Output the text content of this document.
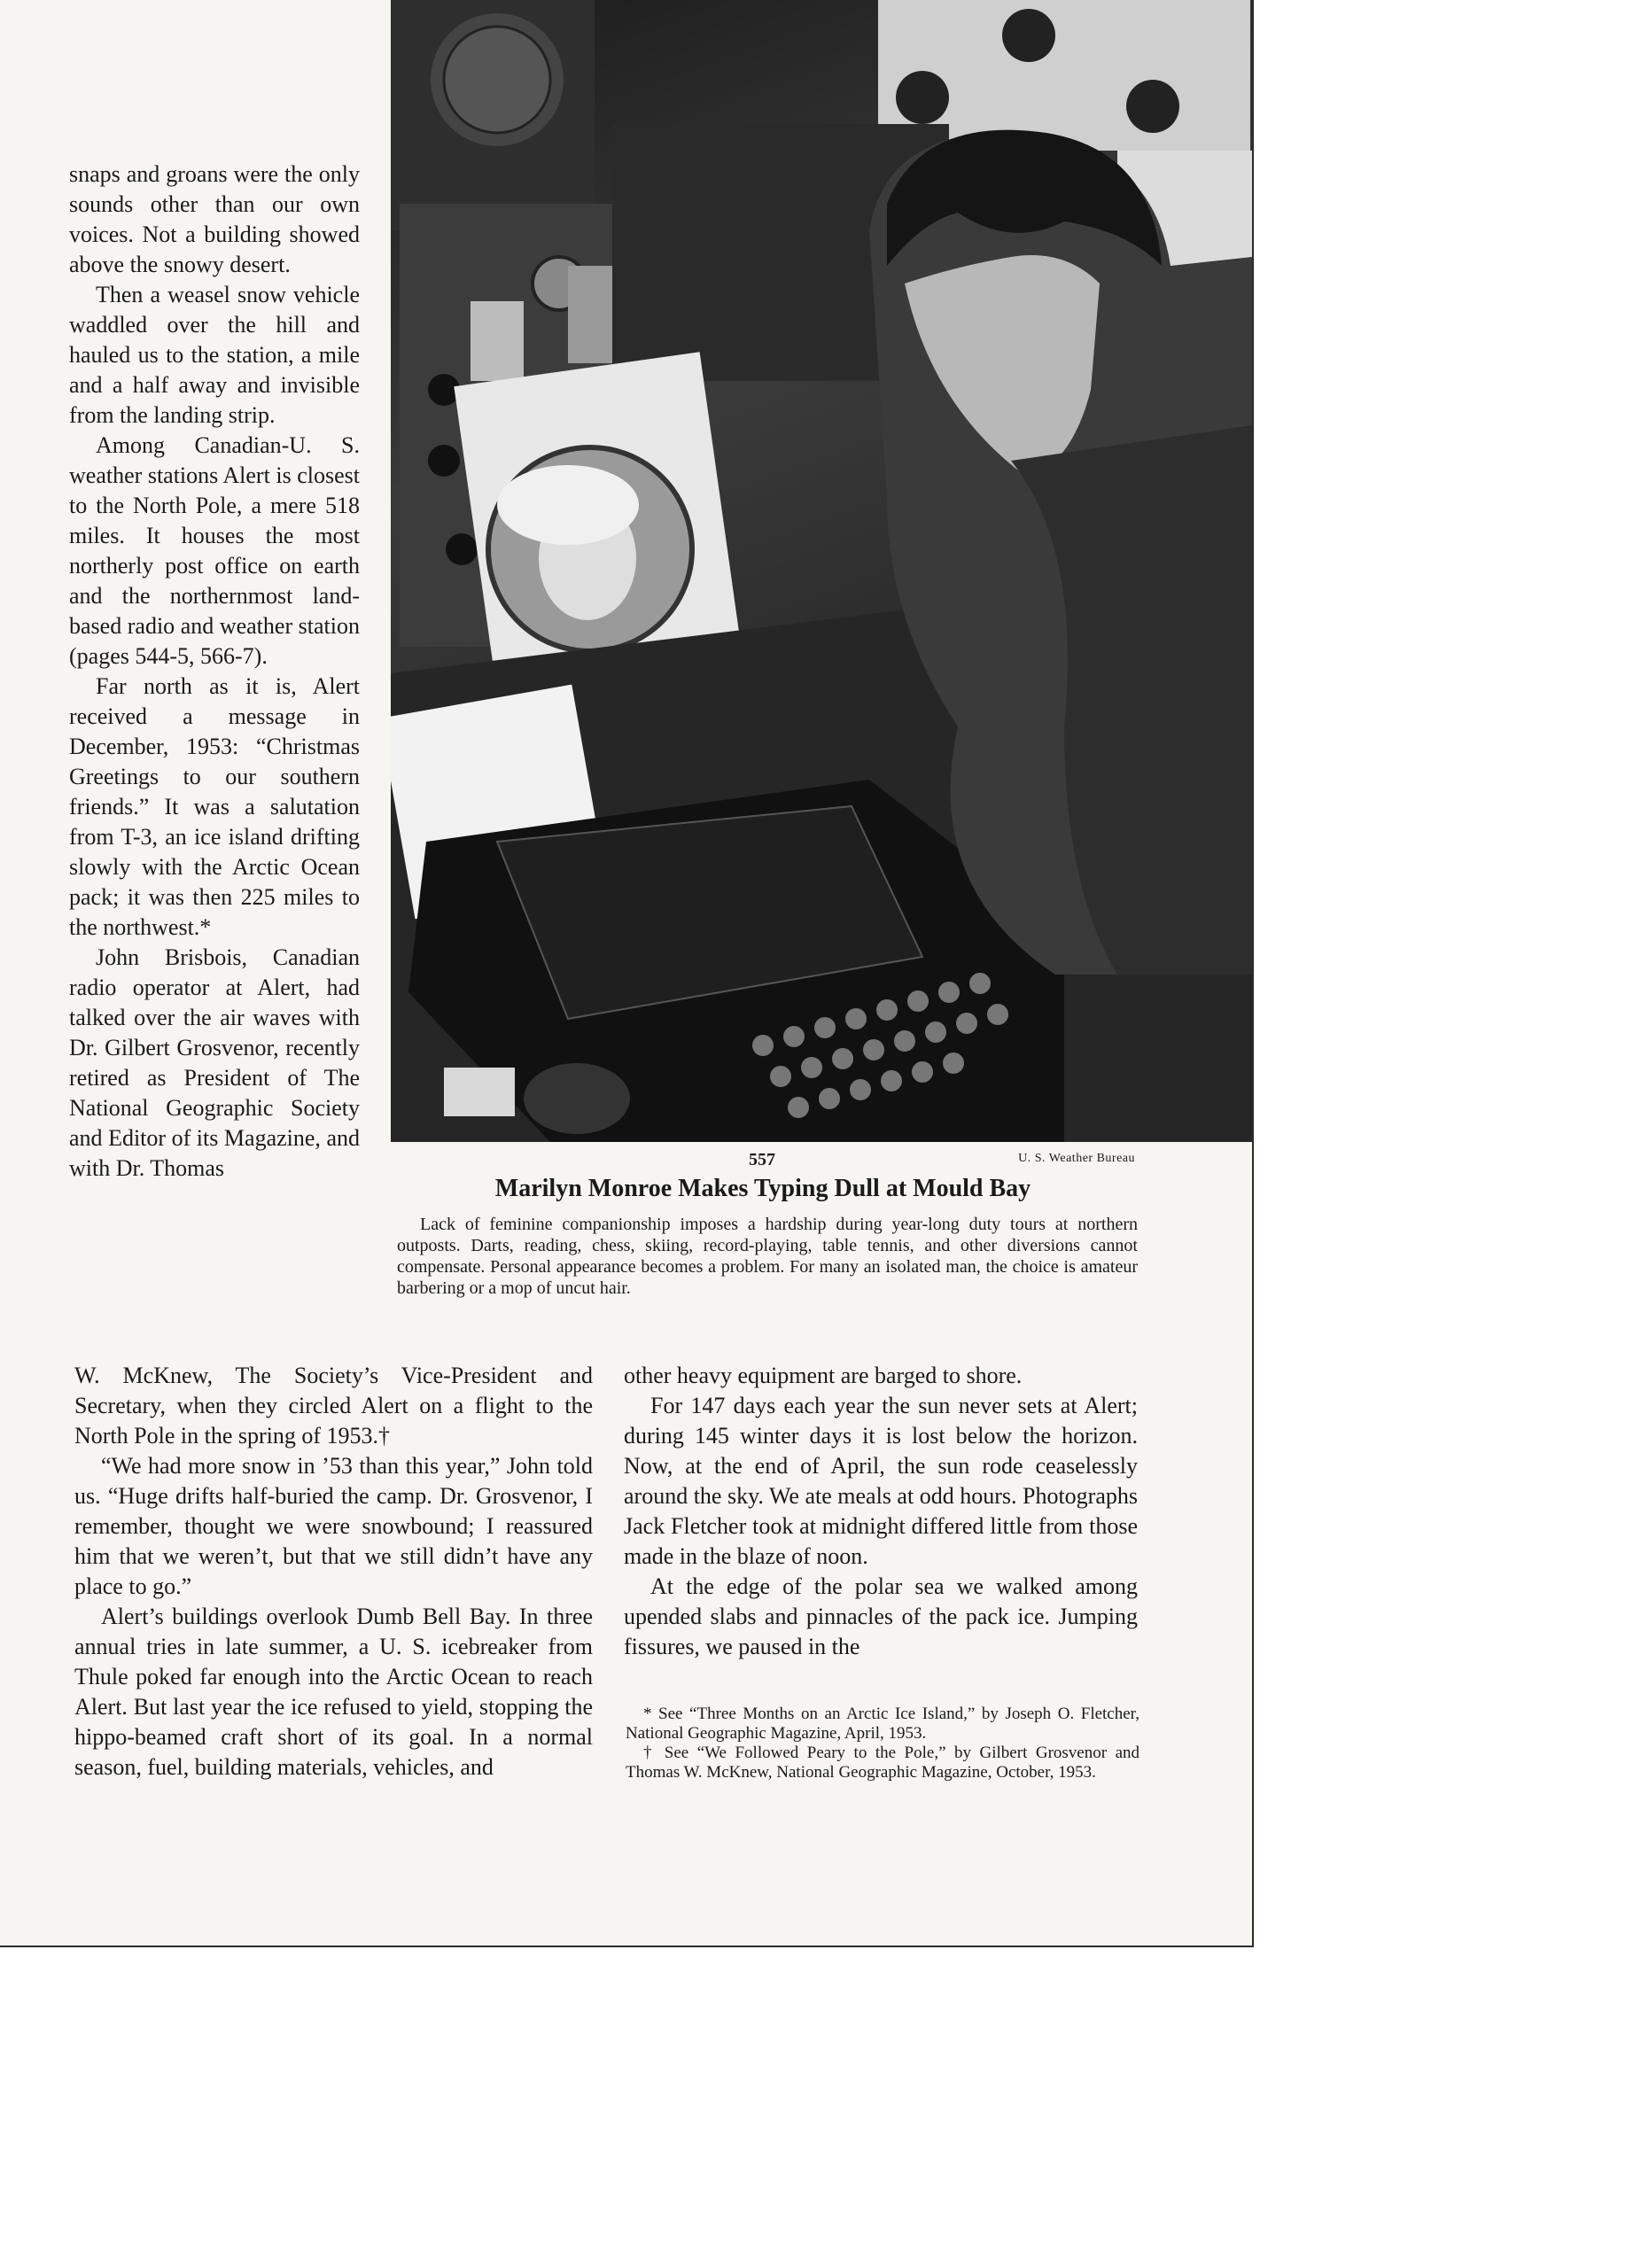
snaps and groans were the only sounds other than our own voices. Not a building showed above the snowy desert.

Then a weasel snow vehicle waddled over the hill and hauled us to the station, a mile and a half away and invisible from the landing strip.

Among Canadian-U. S. weather stations Alert is closest to the North Pole, a mere 518 miles. It houses the most northerly post office on earth and the northernmost land-based radio and weather station (pages 544-5, 566-7).

Far north as it is, Alert received a message in December, 1953: “Christmas Greetings to our southern friends.” It was a salutation from T-3, an ice island drifting slowly with the Arctic Ocean pack; it was then 225 miles to the northwest.*

John Brisbois, Canadian radio operator at Alert, had talked over the air waves with Dr. Gilbert Grosvenor, recently retired as President of The National Geographic Society and Editor of its Magazine, and with Dr. Thomas	557	U. S. Weather Bureau
Marilyn Monroe Makes Typing Dull at Mould Bay

Lack of feminine companionship imposes a hardship during year-long duty tours at northern outposts. Darts, reading, chess, skiing, record-playing, table tennis, and other diversions cannot compensate. Personal appearance becomes a problem. For many an isolated man, the choice is amateur barbering or a mop of uncut hair.

W. McKnew, The Society’s Vice-President and Secretary, when they circled Alert on a flight to the North Pole in the spring of 1953.†

“We had more snow in ’53 than this year,” John told us. “Huge drifts half-buried the camp. Dr. Grosvenor, I remember, thought we were snowbound; I reassured him that we weren’t, but that we still didn’t have any place to go.”

Alert’s buildings overlook Dumb Bell Bay. In three annual tries in late summer, a U. S. icebreaker from Thule poked far enough into the Arctic Ocean to reach Alert. But last year the ice refused to yield, stopping the hippo-beamed craft short of its goal. In a normal season, fuel, building materials, vehicles, and

other heavy equipment are barged to shore.

For 147 days each year the sun never sets at Alert; during 145 winter days it is lost below the horizon. Now, at the end of April, the sun rode ceaselessly around the sky. We ate meals at odd hours. Photographs Jack Fletcher took at midnight differed little from those made in the blaze of noon.

At the edge of the polar sea we walked among upended slabs and pinnacles of the pack ice. Jumping fissures, we paused in the

* See “Three Months on an Arctic Ice Island,” by Joseph O. Fletcher, National Geographic Magazine, April, 1953.

† See “We Followed Peary to the Pole,” by Gilbert Grosvenor and Thomas W. McKnew, National Geographic Magazine, October, 1953.
